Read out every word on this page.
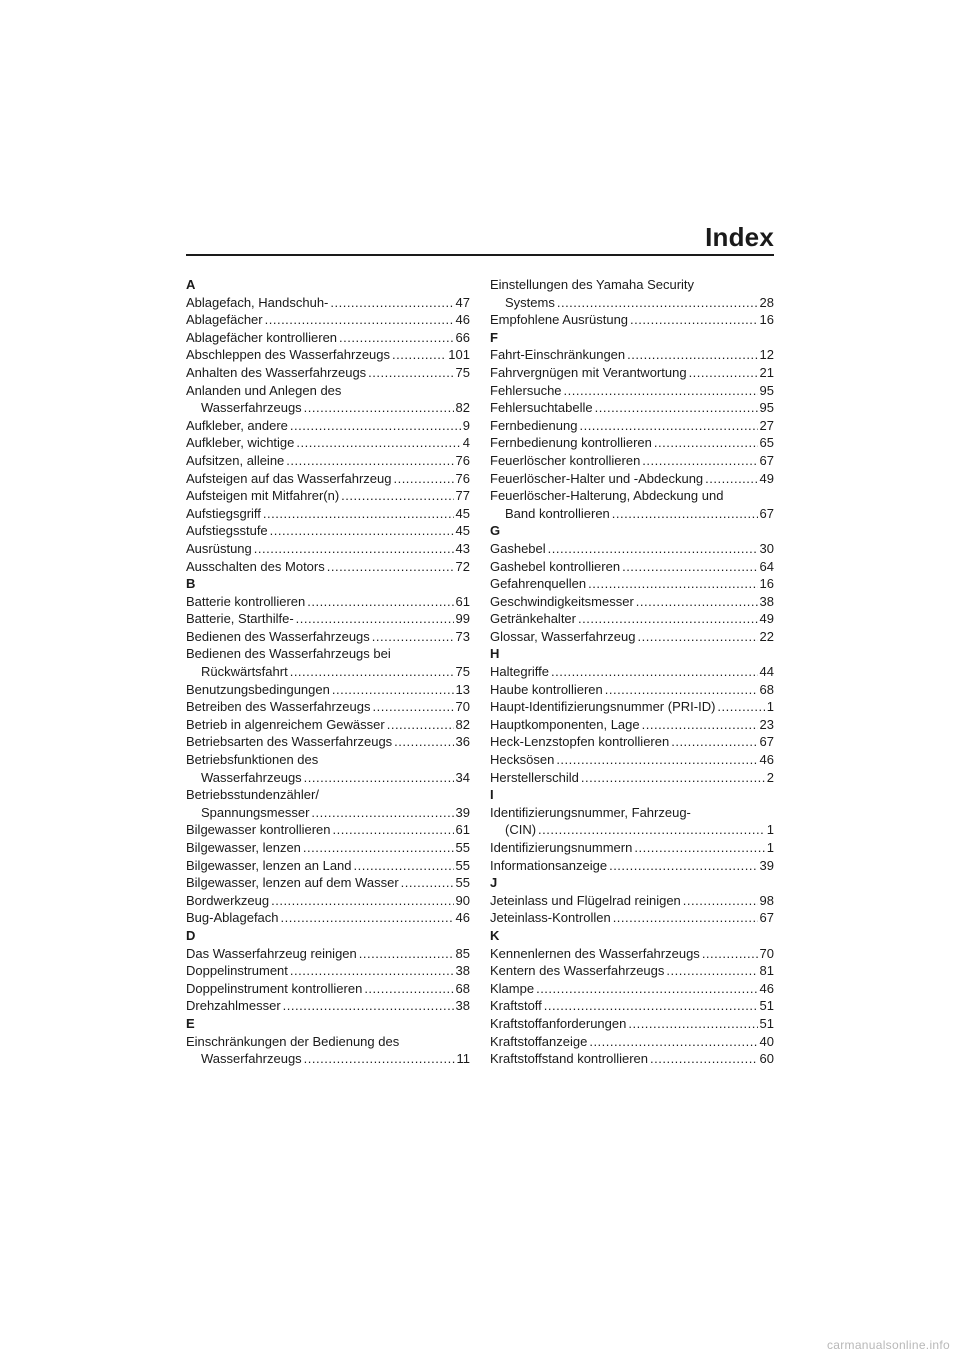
Index
A
Ablagefach, Handschuh- .....	47
Ablagefächer .....	46
Ablagefächer kontrollieren .....	66
Abschleppen des Wasserfahrzeugs .....	101
Anhalten des Wasserfahrzeugs .....	75
Anlanden und Anlegen des
Wasserfahrzeugs .....	82
Aufkleber, andere .....	9
Aufkleber, wichtige .....	4
Aufsitzen, alleine .....	76
Aufsteigen auf das Wasserfahrzeug .....	76
Aufsteigen mit Mitfahrer(n) .....	77
Aufstiegsgriff .....	45
Aufstiegsstufe .....	45
Ausrüstung .....	43
Ausschalten des Motors .....	72
B
Batterie kontrollieren .....	61
Batterie, Starthilfe- .....	99
Bedienen des Wasserfahrzeugs .....	73
Bedienen des Wasserfahrzeugs bei
Rückwärtsfahrt .....	75
Benutzungsbedingungen .....	13
Betreiben des Wasserfahrzeugs .....	70
Betrieb in algenreichem Gewässer .....	82
Betriebsarten des Wasserfahrzeugs .....	36
Betriebsfunktionen des
Wasserfahrzeugs .....	34
Betriebsstundenzähler/
Spannungsmesser .....	39
Bilgewasser kontrollieren .....	61
Bilgewasser, lenzen .....	55
Bilgewasser, lenzen an Land .....	55
Bilgewasser, lenzen auf dem Wasser .....	55
Bordwerkzeug .....	90
Bug-Ablagefach .....	46
D
Das Wasserfahrzeug reinigen .....	85
Doppelinstrument .....	38
Doppelinstrument kontrollieren .....	68
Drehzahlmesser .....	38
E
Einschränkungen der Bedienung des
Wasserfahrzeugs .....	11
Einstellungen des Yamaha Security
Systems .....	28
Empfohlene Ausrüstung .....	16
F
Fahrt-Einschränkungen .....	12
Fahrvergnügen mit Verantwortung .....	21
Fehlersuche .....	95
Fehlersuchtabelle .....	95
Fernbedienung .....	27
Fernbedienung kontrollieren .....	65
Feuerlöscher kontrollieren .....	67
Feuerlöscher-Halter und -Abdeckung .....	49
Feuerlöscher-Halterung, Abdeckung und
Band kontrollieren .....	67
G
Gashebel .....	30
Gashebel kontrollieren .....	64
Gefahrenquellen .....	16
Geschwindigkeitsmesser .....	38
Getränkehalter .....	49
Glossar, Wasserfahrzeug .....	22
H
Haltegriffe .....	44
Haube kontrollieren .....	68
Haupt-Identifizierungsnummer (PRI-ID) .....	1
Hauptkomponenten, Lage .....	23
Heck-Lenzstopfen kontrollieren .....	67
Hecksösen .....	46
Herstellerschild .....	2
I
Identifizierungsnummer, Fahrzeug-
(CIN) .....	1
Identifizierungsnummern .....	1
Informationsanzeige .....	39
J
Jeteinlass und Flügelrad reinigen .....	98
Jeteinlass-Kontrollen .....	67
K
Kennenlernen des Wasserfahrzeugs .....	70
Kentern des Wasserfahrzeugs .....	81
Klampe .....	46
Kraftstoff .....	51
Kraftstoffanforderungen .....	51
Kraftstoffanzeige .....	40
Kraftstoffstand kontrollieren .....	60
carmanualsonline.info
